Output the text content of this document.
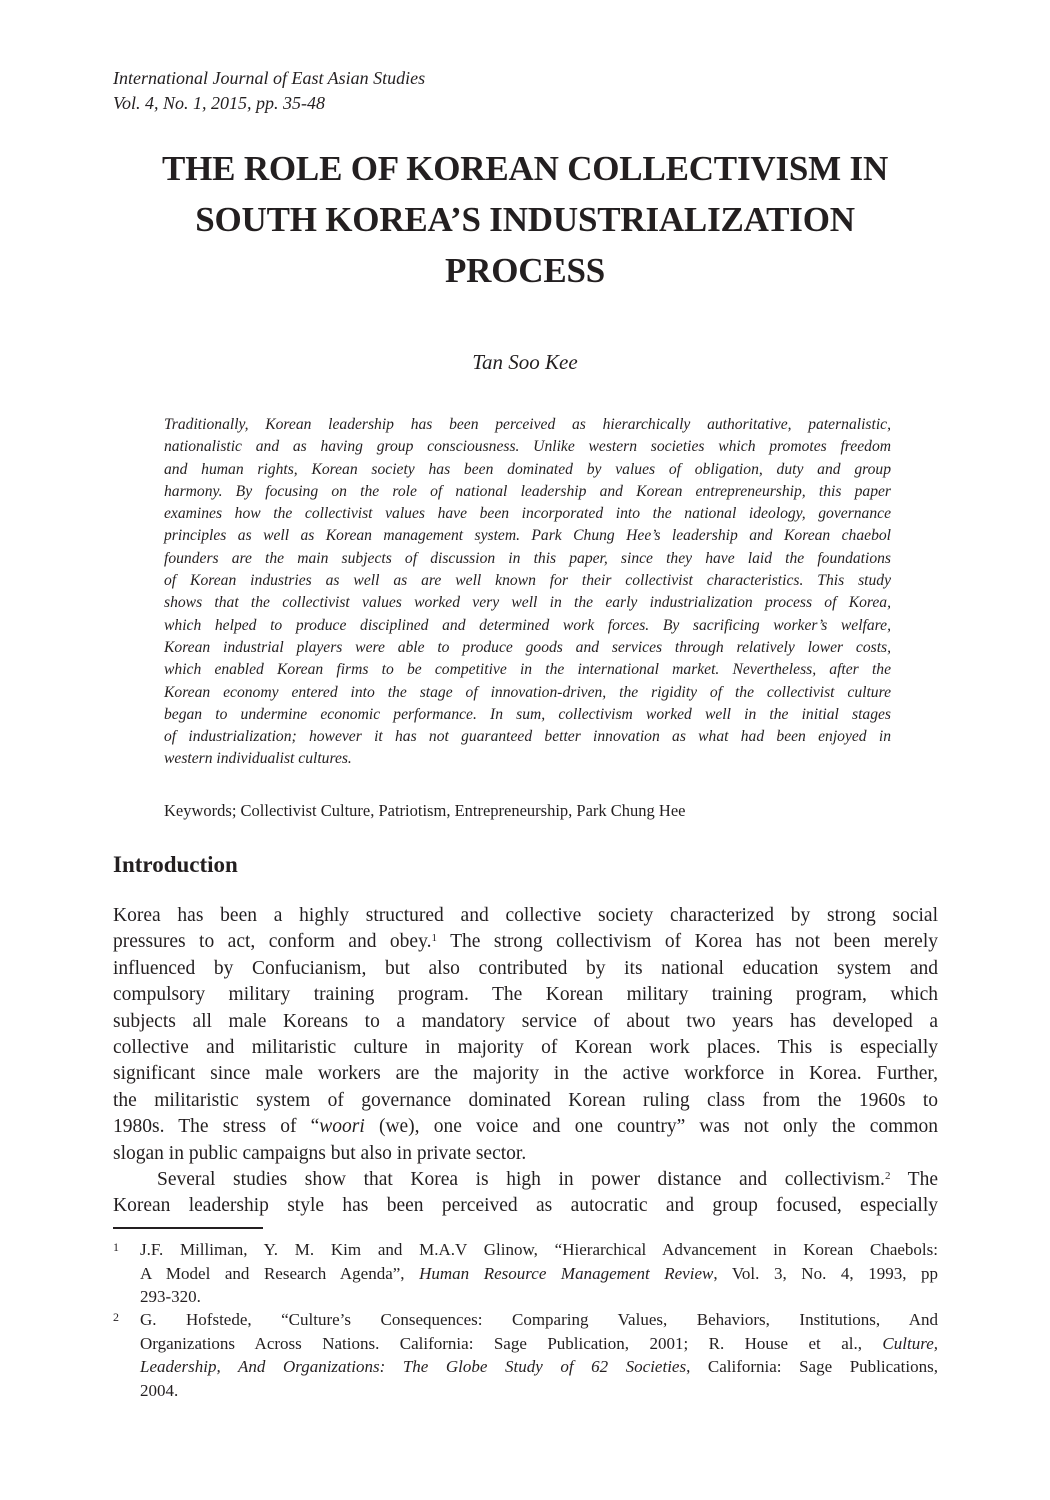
International Journal of East Asian Studies
Vol. 4, No. 1, 2015, pp. 35-48
THE ROLE OF KOREAN COLLECTIVISM IN
SOUTH KOREA’S INDUSTRIALIZATION
PROCESS
Tan Soo Kee
Traditionally, Korean leadership has been perceived as hierarchically authoritative, paternalistic,
nationalistic and as having group consciousness. Unlike western societies which promotes freedom
and human rights, Korean society has been dominated by values of obligation, duty and group
harmony. By focusing on the role of national leadership and Korean entrepreneurship, this paper
examines how the collectivist values have been incorporated into the national ideology, governance
principles as well as Korean management system. Park Chung Hee’s leadership and Korean chaebol
founders are the main subjects of discussion in this paper, since they have laid the foundations
of Korean industries as well as are well known for their collectivist characteristics. This study
shows that the collectivist values worked very well in the early industrialization process of Korea,
which helped to produce disciplined and determined work forces. By sacrificing worker’s welfare,
Korean industrial players were able to produce goods and services through relatively lower costs,
which enabled Korean firms to be competitive in the international market. Nevertheless, after the
Korean economy entered into the stage of innovation-driven, the rigidity of the collectivist culture
began to undermine economic performance. In sum, collectivism worked well in the initial stages
of industrialization; however it has not guaranteed better innovation as what had been enjoyed in
western individualist cultures.
Keywords; Collectivist Culture, Patriotism, Entrepreneurship, Park Chung Hee
Introduction
Korea has been a highly structured and collective society characterized by strong social
pressures to act, conform and obey.$^1$ The strong collectivism of Korea has not been merely
influenced by Confucianism, but also contributed by its national education system and
compulsory military training program. The Korean military training program, which
subjects all male Koreans to a mandatory service of about two years has developed a
collective and militaristic culture in majority of Korean work places. This is especially
significant since male workers are the majority in the active workforce in Korea. Further,
the militaristic system of governance dominated Korean ruling class from the 1960s to
1980s. The stress of “woori (we), one voice and one country” was not only the common
slogan in public campaigns but also in private sector.
Several studies show that Korea is high in power distance and collectivism.$^2$ The
Korean leadership style has been perceived as autocratic and group focused, especially
1 J.F. Milliman, Y. M. Kim and M.A.V Glinow, “Hierarchical Advancement in Korean Chaebols:
A Model and Research Agenda”, Human Resource Management Review, Vol. 3, No. 4, 1993, pp
293-320.
2 G. Hofstede, “Culture’s Consequences: Comparing Values, Behaviors, Institutions, And
Organizations Across Nations. California: Sage Publication, 2001; R. House et al., Culture,
Leadership, And Organizations: The Globe Study of 62 Societies, California: Sage Publications,
2004.
